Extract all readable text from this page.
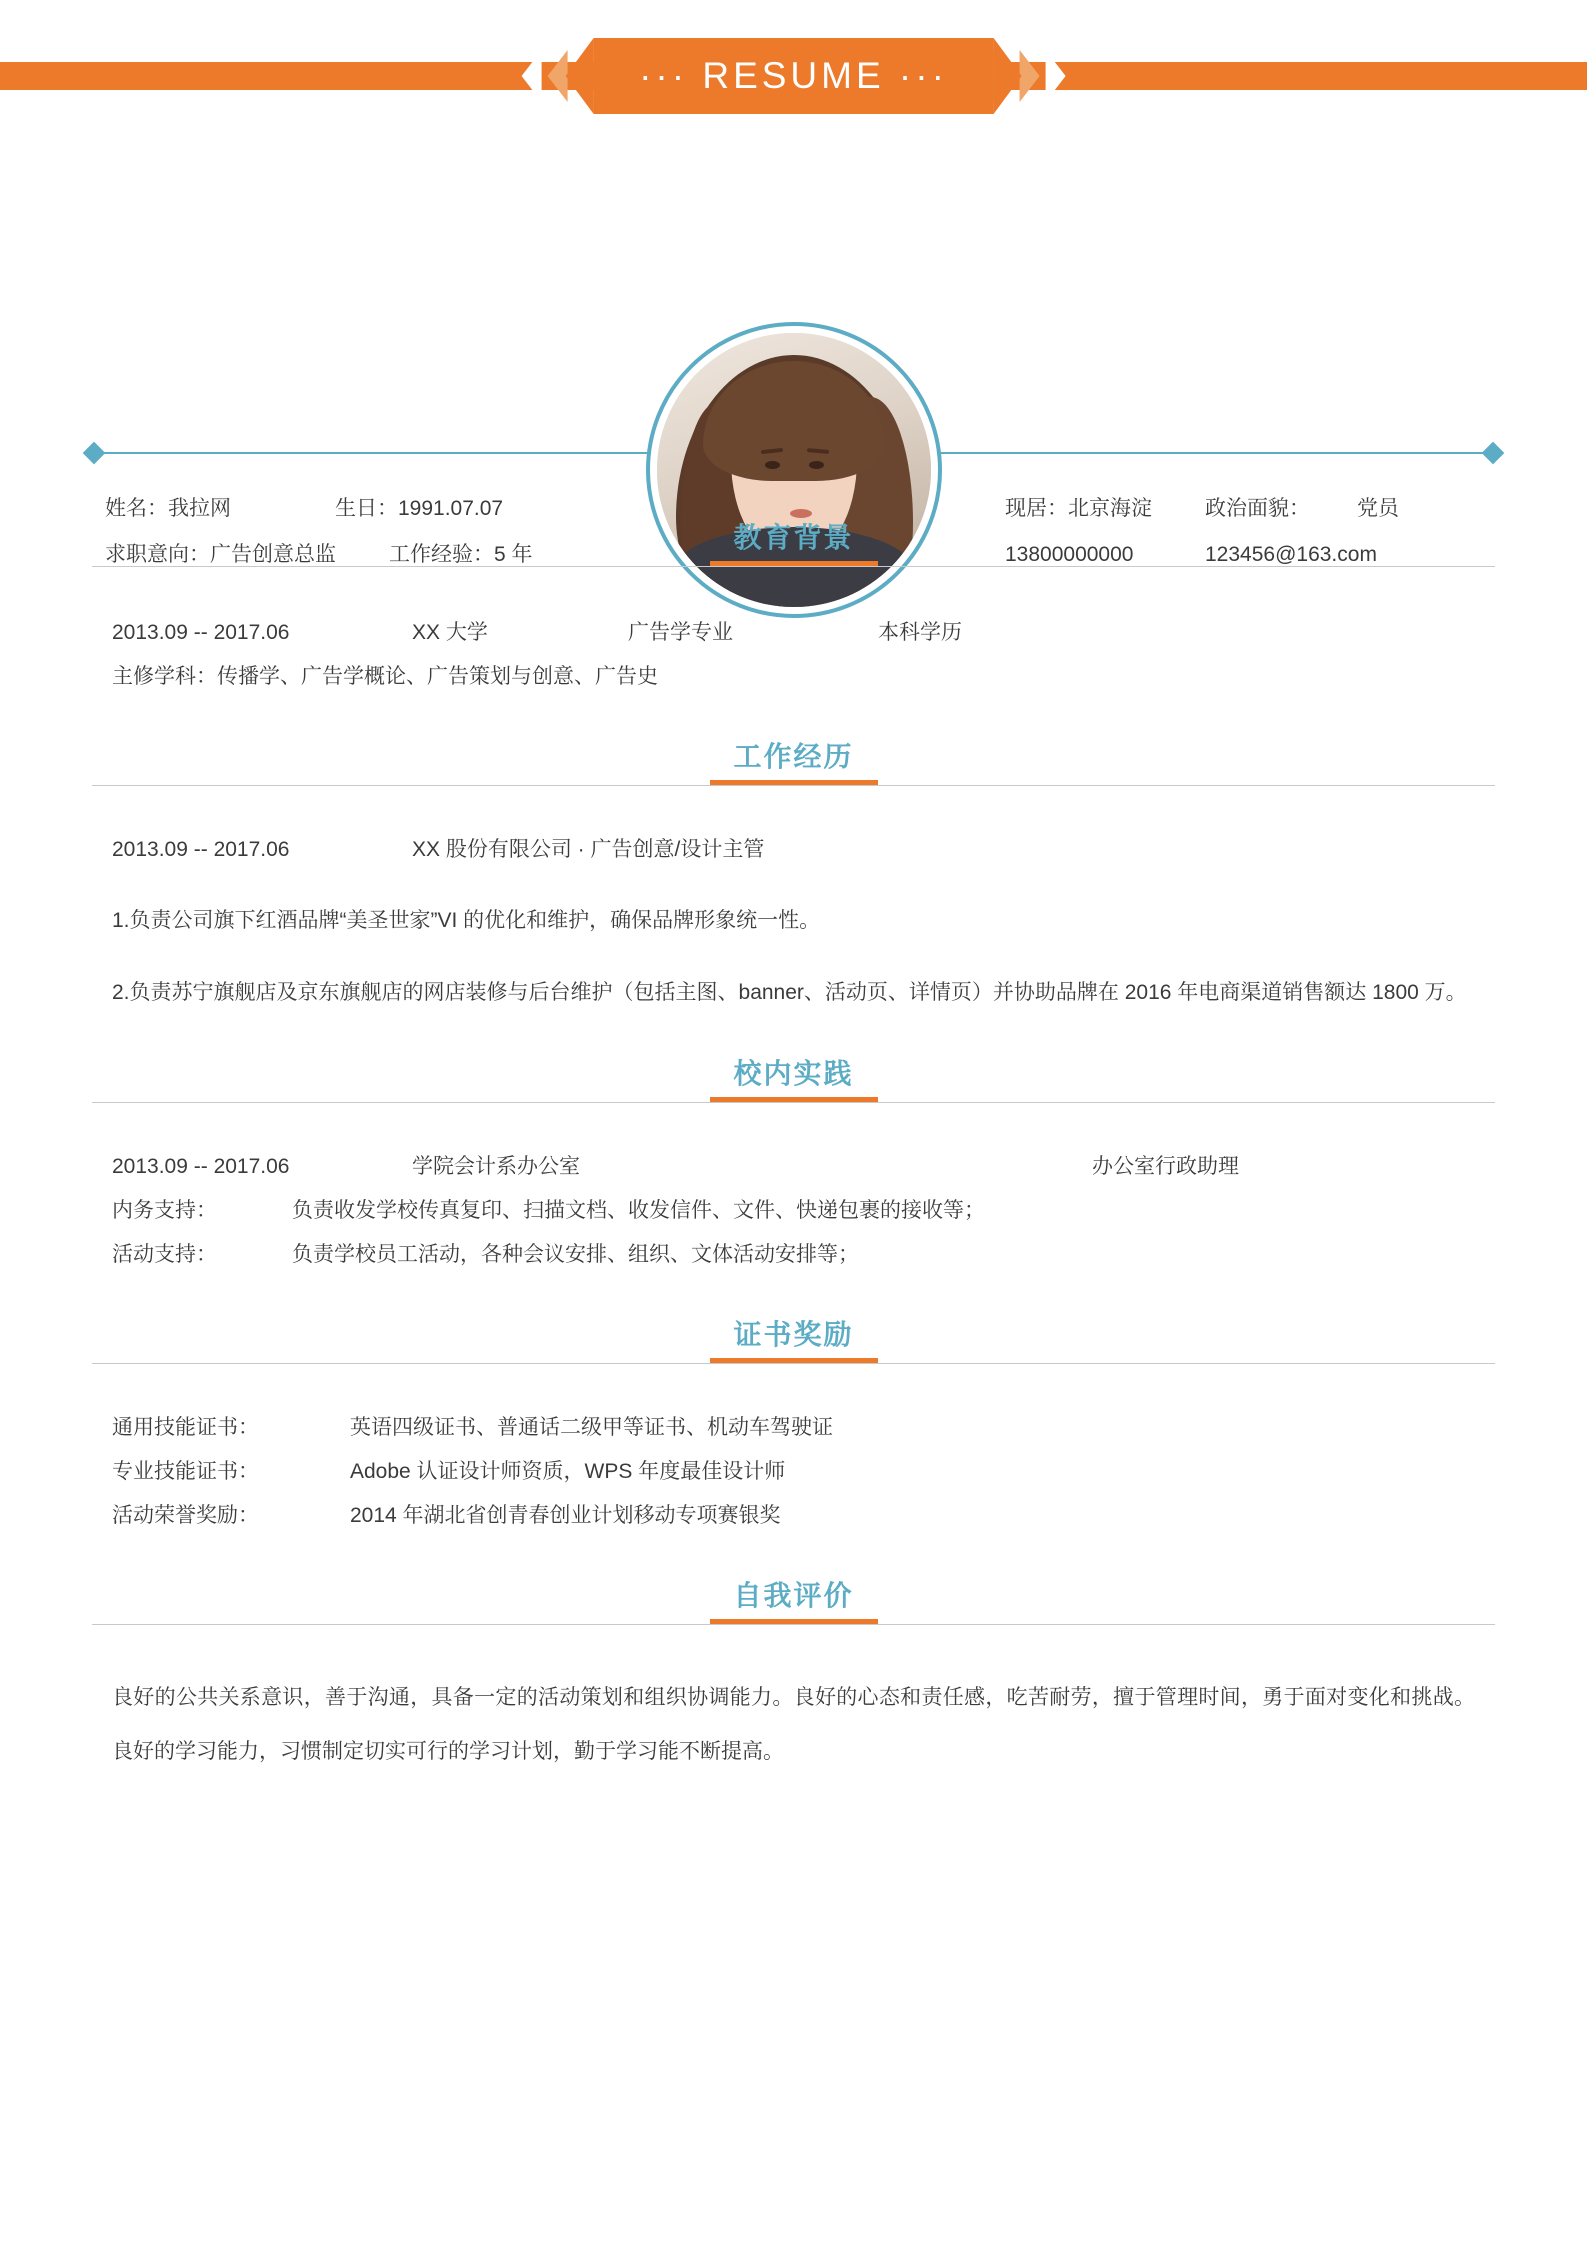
··· RESUME ···
姓名：我拉网	生日：1991.07.07
求职意向：广告创意总监	工作经验：5 年
现居：北京海淀	政治面貌：	党员
13800000000	123456@163.com
教育背景
2013.09 -- 2017.06	XX 大学	广告学专业	本科学历
主修学科：传播学、广告学概论、广告策划与创意、广告史
工作经历
2013.09 -- 2017.06	XX 股份有限公司 · 广告创意/设计主管
1.负责公司旗下红酒品牌“美圣世家”VI 的优化和维护，确保品牌形象统一性。
2.负责苏宁旗舰店及京东旗舰店的网店装修与后台维护（包括主图、banner、活动页、详情页）并协助品牌在 2016 年电商渠道销售额达 1800 万。
校内实践
2013.09 -- 2017.06	学院会计系办公室	办公室行政助理
内务支持：	负责收发学校传真复印、扫描文档、收发信件、文件、快递包裹的接收等；
活动支持：	负责学校员工活动，各种会议安排、组织、文体活动安排等；
证书奖励
通用技能证书：	英语四级证书、普通话二级甲等证书、机动车驾驶证
专业技能证书：	Adobe 认证设计师资质，WPS 年度最佳设计师
活动荣誉奖励：	2014 年湖北省创青春创业计划移动专项赛银奖
自我评价
良好的公共关系意识，善于沟通，具备一定的活动策划和组织协调能力。良好的心态和责任感，吃苦耐劳，擅于管理时间，勇于面对变化和挑战。良好的学习能力，习惯制定切实可行的学习计划，勤于学习能不断提高。
